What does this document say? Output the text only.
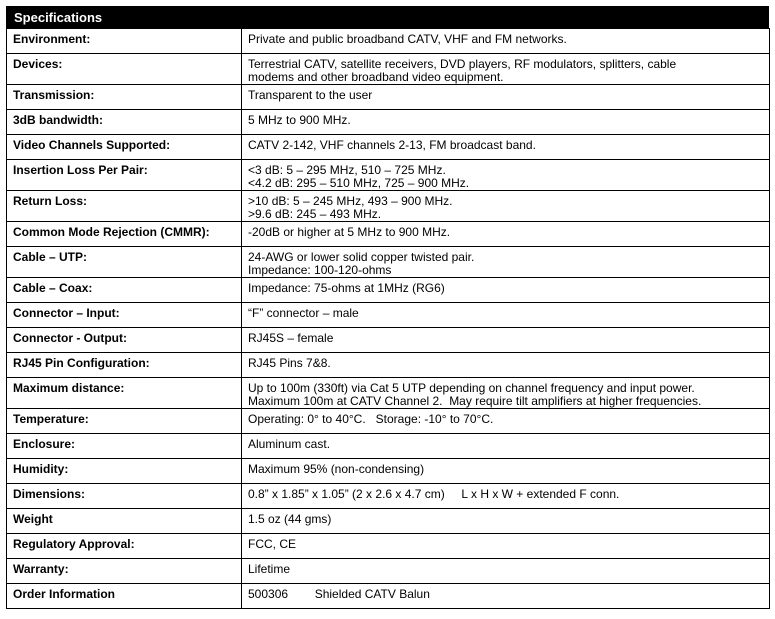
Specifications
Environment:	Private and public broadband CATV, VHF and FM networks.
Devices:	Terrestrial CATV, satellite receivers, DVD players, RF modulators, splitters, cable
modems and other broadband video equipment.
Transmission:	Transparent to the user
3dB bandwidth:	5 MHz to 900 MHz.
Video Channels Supported:	CATV 2-142, VHF channels 2-13, FM broadcast band.
Insertion Loss Per Pair:	<3 dB: 5 – 295 MHz, 510 – 725 MHz.
<4.2 dB: 295 – 510 MHz, 725 – 900 MHz.
Return Loss:	>10 dB: 5 – 245 MHz, 493 – 900 MHz.
>9.6 dB: 245 – 493 MHz.
Common Mode Rejection (CMMR):	-20dB or higher at 5 MHz to 900 MHz.
Cable – UTP:	24-AWG or lower solid copper twisted pair.
Impedance: 100-120-ohms
Cable – Coax:	Impedance: 75-ohms at 1MHz (RG6)
Connector – Input:	“F” connector – male
Connector - Output:	RJ45S – female
RJ45 Pin Configuration:	RJ45 Pins 7&8.
Maximum distance:	Up to 100m (330ft) via Cat 5 UTP depending on channel frequency and input power.
Maximum 100m at CATV Channel 2.  May require tilt amplifiers at higher frequencies.
Temperature:	Operating: 0° to 40°C.   Storage: -10° to 70°C.
Enclosure:	Aluminum cast.
Humidity:	Maximum 95% (non-condensing)
Dimensions:	0.8” x 1.85” x 1.05” (2 x 2.6 x 4.7 cm)     L x H x W + extended F conn.
Weight	1.5 oz (44 gms)
Regulatory Approval:	FCC, CE
Warranty:	Lifetime
Order Information	500306        Shielded CATV Balun
